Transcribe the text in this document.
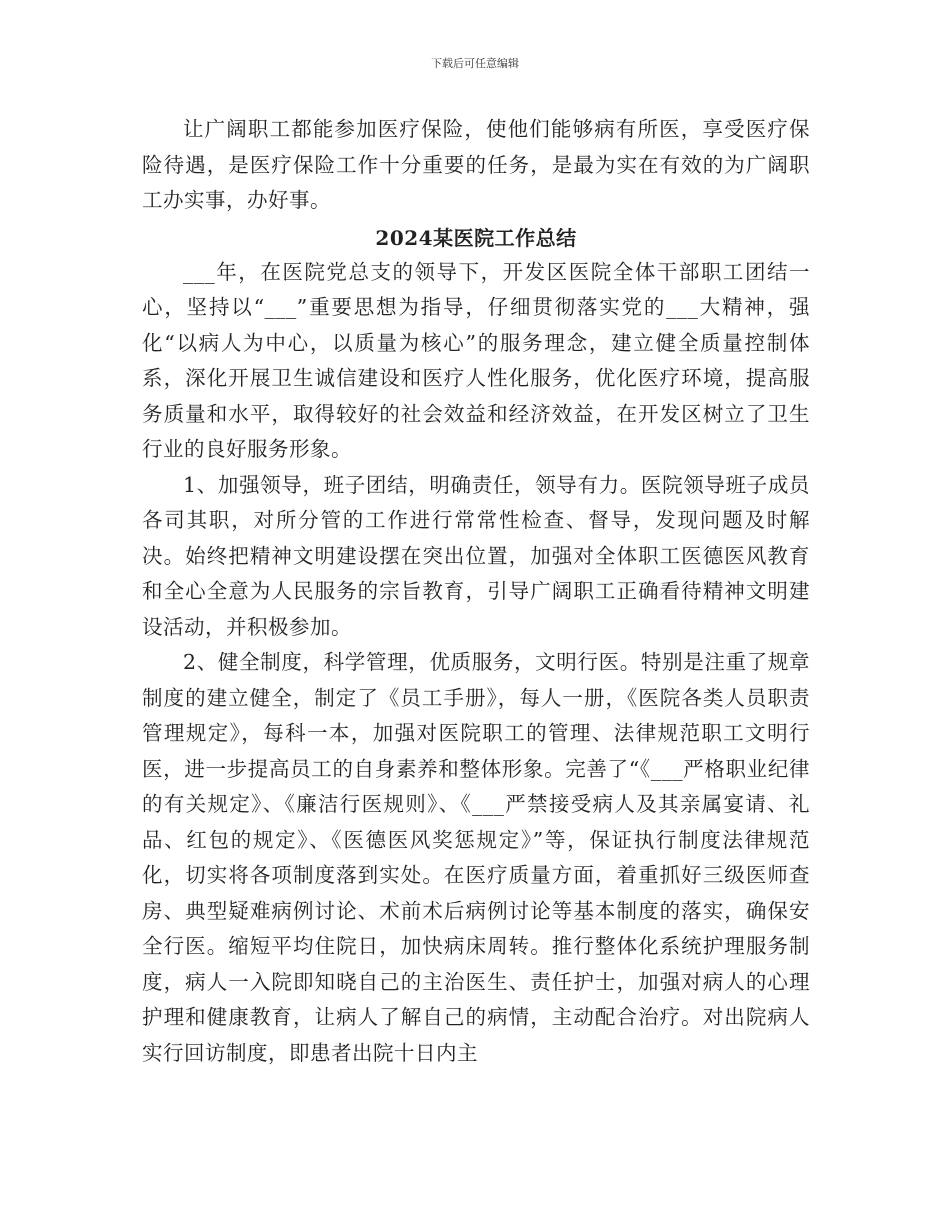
下载后可任意编辑

让广阔职工都能参加医疗保险，使他们能够病有所医，享受医疗保险待遇，是医疗保险工作十分重要的任务，是最为实在有效的为广阔职工办实事，办好事。

2024某医院工作总结

___年，在医院党总支的领导下，开发区医院全体干部职工团结一心，坚持以“___”重要思想为指导，仔细贯彻落实党的___大精神，强化“以病人为中心，以质量为核心”的服务理念，建立健全质量控制体系，深化开展卫生诚信建设和医疗人性化服务，优化医疗环境，提高服务质量和水平，取得较好的社会效益和经济效益，在开发区树立了卫生行业的良好服务形象。

1、加强领导，班子团结，明确责任，领导有力。医院领导班子成员各司其职，对所分管的工作进行常常性检查、督导，发现问题及时解决。始终把精神文明建设摆在突出位置，加强对全体职工医德医风教育和全心全意为人民服务的宗旨教育，引导广阔职工正确看待精神文明建设活动，并积极参加。

2、健全制度，科学管理，优质服务，文明行医。特别是注重了规章制度的建立健全，制定了《员工手册》，每人一册，《医院各类人员职责管理规定》，每科一本，加强对医院职工的管理、法律规范职工文明行医，进一步提高员工的自身素养和整体形象。完善了“《___严格职业纪律的有关规定》、《廉洁行医规则》、《___严禁接受病人及其亲属宴请、礼品、红包的规定》、《医德医风奖惩规定》”等，保证执行制度法律规范化，切实将各项制度落到实处。在医疗质量方面，着重抓好三级医师查房、典型疑难病例讨论、术前术后病例讨论等基本制度的落实，确保安全行医。缩短平均住院日，加快病床周转。推行整体化系统护理服务制度，病人一入院即知晓自己的主治医生、责任护士，加强对病人的心理护理和健康教育，让病人了解自己的病情，主动配合治疗。对出院病人实行回访制度，即患者出院十日内主
